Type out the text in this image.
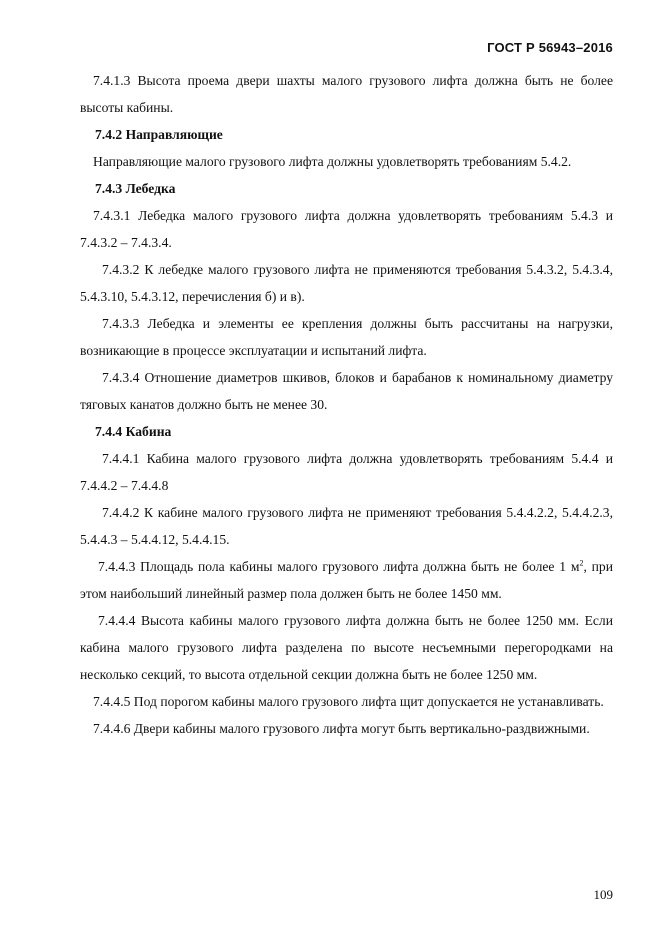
ГОСТ Р 56943–2016

7.4.1.3 Высота проема двери шахты малого грузового лифта должна быть не более высоты кабины.

7.4.2 Направляющие

Направляющие малого грузового лифта должны удовлетворять требованиям 5.4.2.

7.4.3 Лебедка

7.4.3.1 Лебедка малого грузового лифта должна удовлетворять требованиям 5.4.3 и 7.4.3.2 – 7.4.3.4.

7.4.3.2 К лебедке малого грузового лифта не применяются требования 5.4.3.2, 5.4.3.4, 5.4.3.10, 5.4.3.12, перечисления б) и в).

7.4.3.3 Лебедка и элементы ее крепления должны быть рассчитаны на нагрузки, возникающие в процессе эксплуатации и испытаний лифта.

7.4.3.4 Отношение диаметров шкивов, блоков и барабанов к номинальному диаметру тяговых канатов должно быть не менее 30.

7.4.4 Кабина

7.4.4.1 Кабина малого грузового лифта должна удовлетворять требованиям 5.4.4 и 7.4.4.2 – 7.4.4.8

7.4.4.2 К кабине малого грузового лифта не применяют требования 5.4.4.2.2, 5.4.4.2.3, 5.4.4.3 – 5.4.4.12, 5.4.4.15.

7.4.4.3 Площадь пола кабины малого грузового лифта должна быть не более 1 $м^2$, при этом наибольший линейный размер пола должен быть не более 1450 мм.

7.4.4.4 Высота кабины малого грузового лифта должна быть не более 1250 мм. Если кабина малого грузового лифта разделена по высоте несъемными перегородками на несколько секций, то высота отдельной секции должна быть не более 1250 мм.

7.4.4.5 Под порогом кабины малого грузового лифта щит допускается не устанавливать.

7.4.4.6 Двери кабины малого грузового лифта могут быть вертикально-раздвижными.

109
